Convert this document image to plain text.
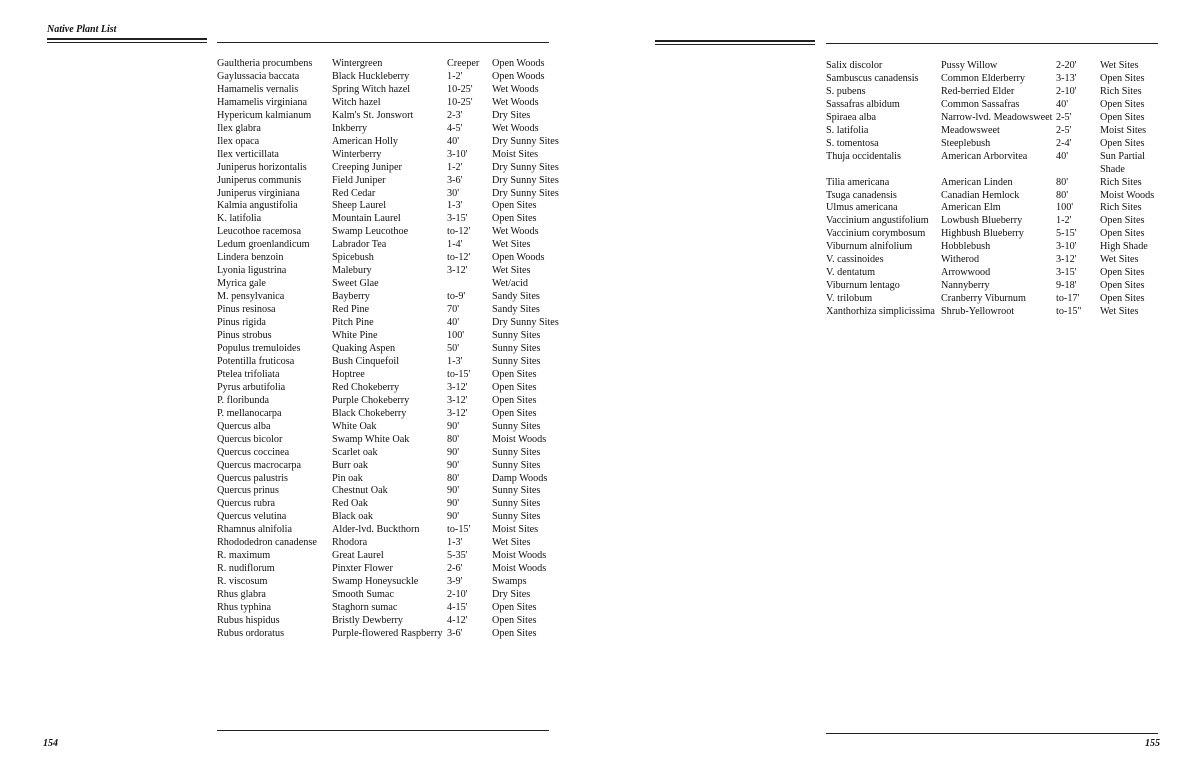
Native Plant List
154	155
Gaultheria procumbens	Wintergreen	Creeper	Open Woods
Gaylussacia baccata	Black Huckleberry	1-2'	Open Woods
Hamamelis vernalis	Spring Witch hazel	10-25'	Wet Woods
Hamamelis virginiana	Witch hazel	10-25'	Wet Woods
Hypericum kalmianum	Kalm's St. Jonswort	2-3'	Dry Sites
Ilex glabra	Inkberry	4-5'	Wet Woods
Ilex opaca	American Holly	40'	Dry Sunny Sites
Ilex verticillata	Winterberry	3-10'	Moist Sites
Juniperus horizontalis	Creeping Juniper	1-2'	Dry Sunny Sites
Juniperus communis	Field Juniper	3-6'	Dry Sunny Sites
Juniperus virginiana	Red Cedar	30'	Dry Sunny Sites
Kalmia angustifolia	Sheep Laurel	1-3'	Open Sites
K. latifolia	Mountain Laurel	3-15'	Open Sites
Leucothoe racemosa	Swamp Leucothoe	to-12'	Wet Woods
Ledum groenlandicum	Labrador Tea	1-4'	Wet Sites
Lindera benzoin	Spicebush	to-12'	Open Woods
Lyonia ligustrina	Malebury	3-12'	Wet Sites
Myrica gale	Sweet Glae		Wet/acid
M. pensylvanica	Bayberry	to-9'	Sandy Sites
Pinus resinosa	Red Pine	70'	Sandy Sites
Pinus rigida	Pitch Pine	40'	Dry Sunny Sites
Pinus strobus	White Pine	100'	Sunny Sites
Populus tremuloides	Quaking Aspen	50'	Sunny Sites
Potentilla fruticosa	Bush Cinquefoil	1-3'	Sunny Sites
Ptelea trifoliata	Hoptree	to-15'	Open Sites
Pyrus arbutifolia	Red Chokeberry	3-12'	Open Sites
P. floribunda	Purple Chokeberry	3-12'	Open Sites
P. mellanocarpa	Black Chokeberry	3-12'	Open Sites
Quercus alba	White Oak	90'	Sunny Sites
Quercus bicolor	Swamp White Oak	80'	Moist Woods
Quercus coccinea	Scarlet oak	90'	Sunny Sites
Quercus macrocarpa	Burr oak	90'	Sunny Sites
Quercus palustris	Pin oak	80'	Damp Woods
Quercus prinus	Chestnut Oak	90'	Sunny Sites
Quercus rubra	Red Oak	90'	Sunny Sites
Quercus velutina	Black oak	90'	Sunny Sites
Rhamnus alnifolia	Alder-lvd. Buckthorn	to-15'	Moist Sites
Rhododedron canadense	Rhodora	1-3'	Wet Sites
R. maximum	Great Laurel	5-35'	Moist Woods
R. nudiflorum	Pinxter Flower	2-6'	Moist Woods
R. viscosum	Swamp Honeysuckle	3-9'	Swamps
Rhus glabra	Smooth Sumac	2-10'	Dry Sites
Rhus typhina	Staghorn sumac	4-15'	Open Sites
Rubus hispidus	Bristly Dewberry	4-12'	Open Sites
Rubus ordoratus	Purple-flowered Raspberry	3-6'	Open Sites
Salix discolor	Pussy Willow	2-20'	Wet Sites
Sambuscus canadensis	Common Elderberry	3-13'	Open Sites
S. pubens	Red-berried Elder	2-10'	Rich Sites
Sassafras albidum	Common Sassafras	40'	Open Sites
Spiraea alba	Narrow-lvd. Meadowsweet	2-5'	Open Sites
S. latifolia	Meadowsweet	2-5'	Moist Sites
S. tomentosa	Steeplebush	2-4'	Open Sites
Thuja occidentalis	American Arborvitea	40'	Sun Partial Shade
Tilia americana	American Linden	80'	Rich Sites
Tsuga canadensis	Canadian Hemlock	80'	Moist Woods
Ulmus americana	American Elm	100'	Rich Sites
Vaccinium angustifolium	Lowbush Blueberry	1-2'	Open Sites
Vaccinium corymbosum	Highbush Blueberry	5-15'	Open Sites
Viburnum alnifolium	Hobblebush	3-10'	High Shade
V. cassinoides	Witherod	3-12'	Wet Sites
V. dentatum	Arrowwood	3-15'	Open Sites
Viburnum lentago	Nannyberry	9-18'	Open Sites
V. trilobum	Cranberry Viburnum	to-17'	Open Sites
Xanthorhiza simplicissima	Shrub-Yellowroot	to-15''	Wet Sites
